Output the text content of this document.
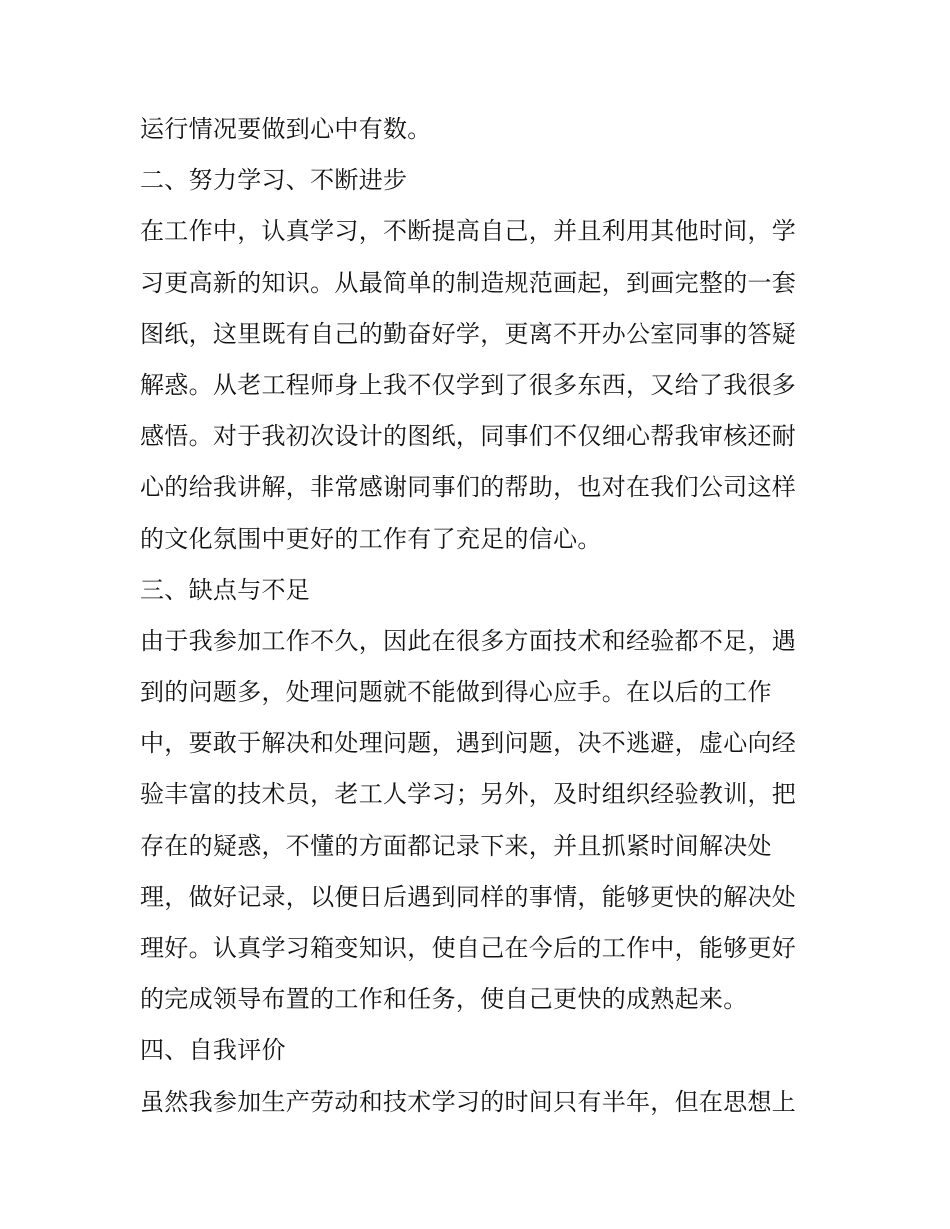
运行情况要做到心中有数。
二、努力学习、不断进步
在工作中，认真学习，不断提高自己，并且利用其他时间，学
习更高新的知识。从最简单的制造规范画起，到画完整的一套
图纸，这里既有自己的勤奋好学，更离不开办公室同事的答疑
解惑。从老工程师身上我不仅学到了很多东西，又给了我很多
感悟。对于我初次设计的图纸，同事们不仅细心帮我审核还耐
心的给我讲解，非常感谢同事们的帮助，也对在我们公司这样
的文化氛围中更好的工作有了充足的信心。
三、缺点与不足
由于我参加工作不久，因此在很多方面技术和经验都不足，遇
到的问题多，处理问题就不能做到得心应手。在以后的工作
中，要敢于解决和处理问题，遇到问题，决不逃避，虚心向经
验丰富的技术员，老工人学习；另外，及时组织经验教训，把
存在的疑惑，不懂的方面都记录下来，并且抓紧时间解决处
理，做好记录，以便日后遇到同样的事情，能够更快的解决处
理好。认真学习箱变知识，使自己在今后的工作中，能够更好
的完成领导布置的工作和任务，使自己更快的成熟起来。
四、自我评价
虽然我参加生产劳动和技术学习的时间只有半年，但在思想上
